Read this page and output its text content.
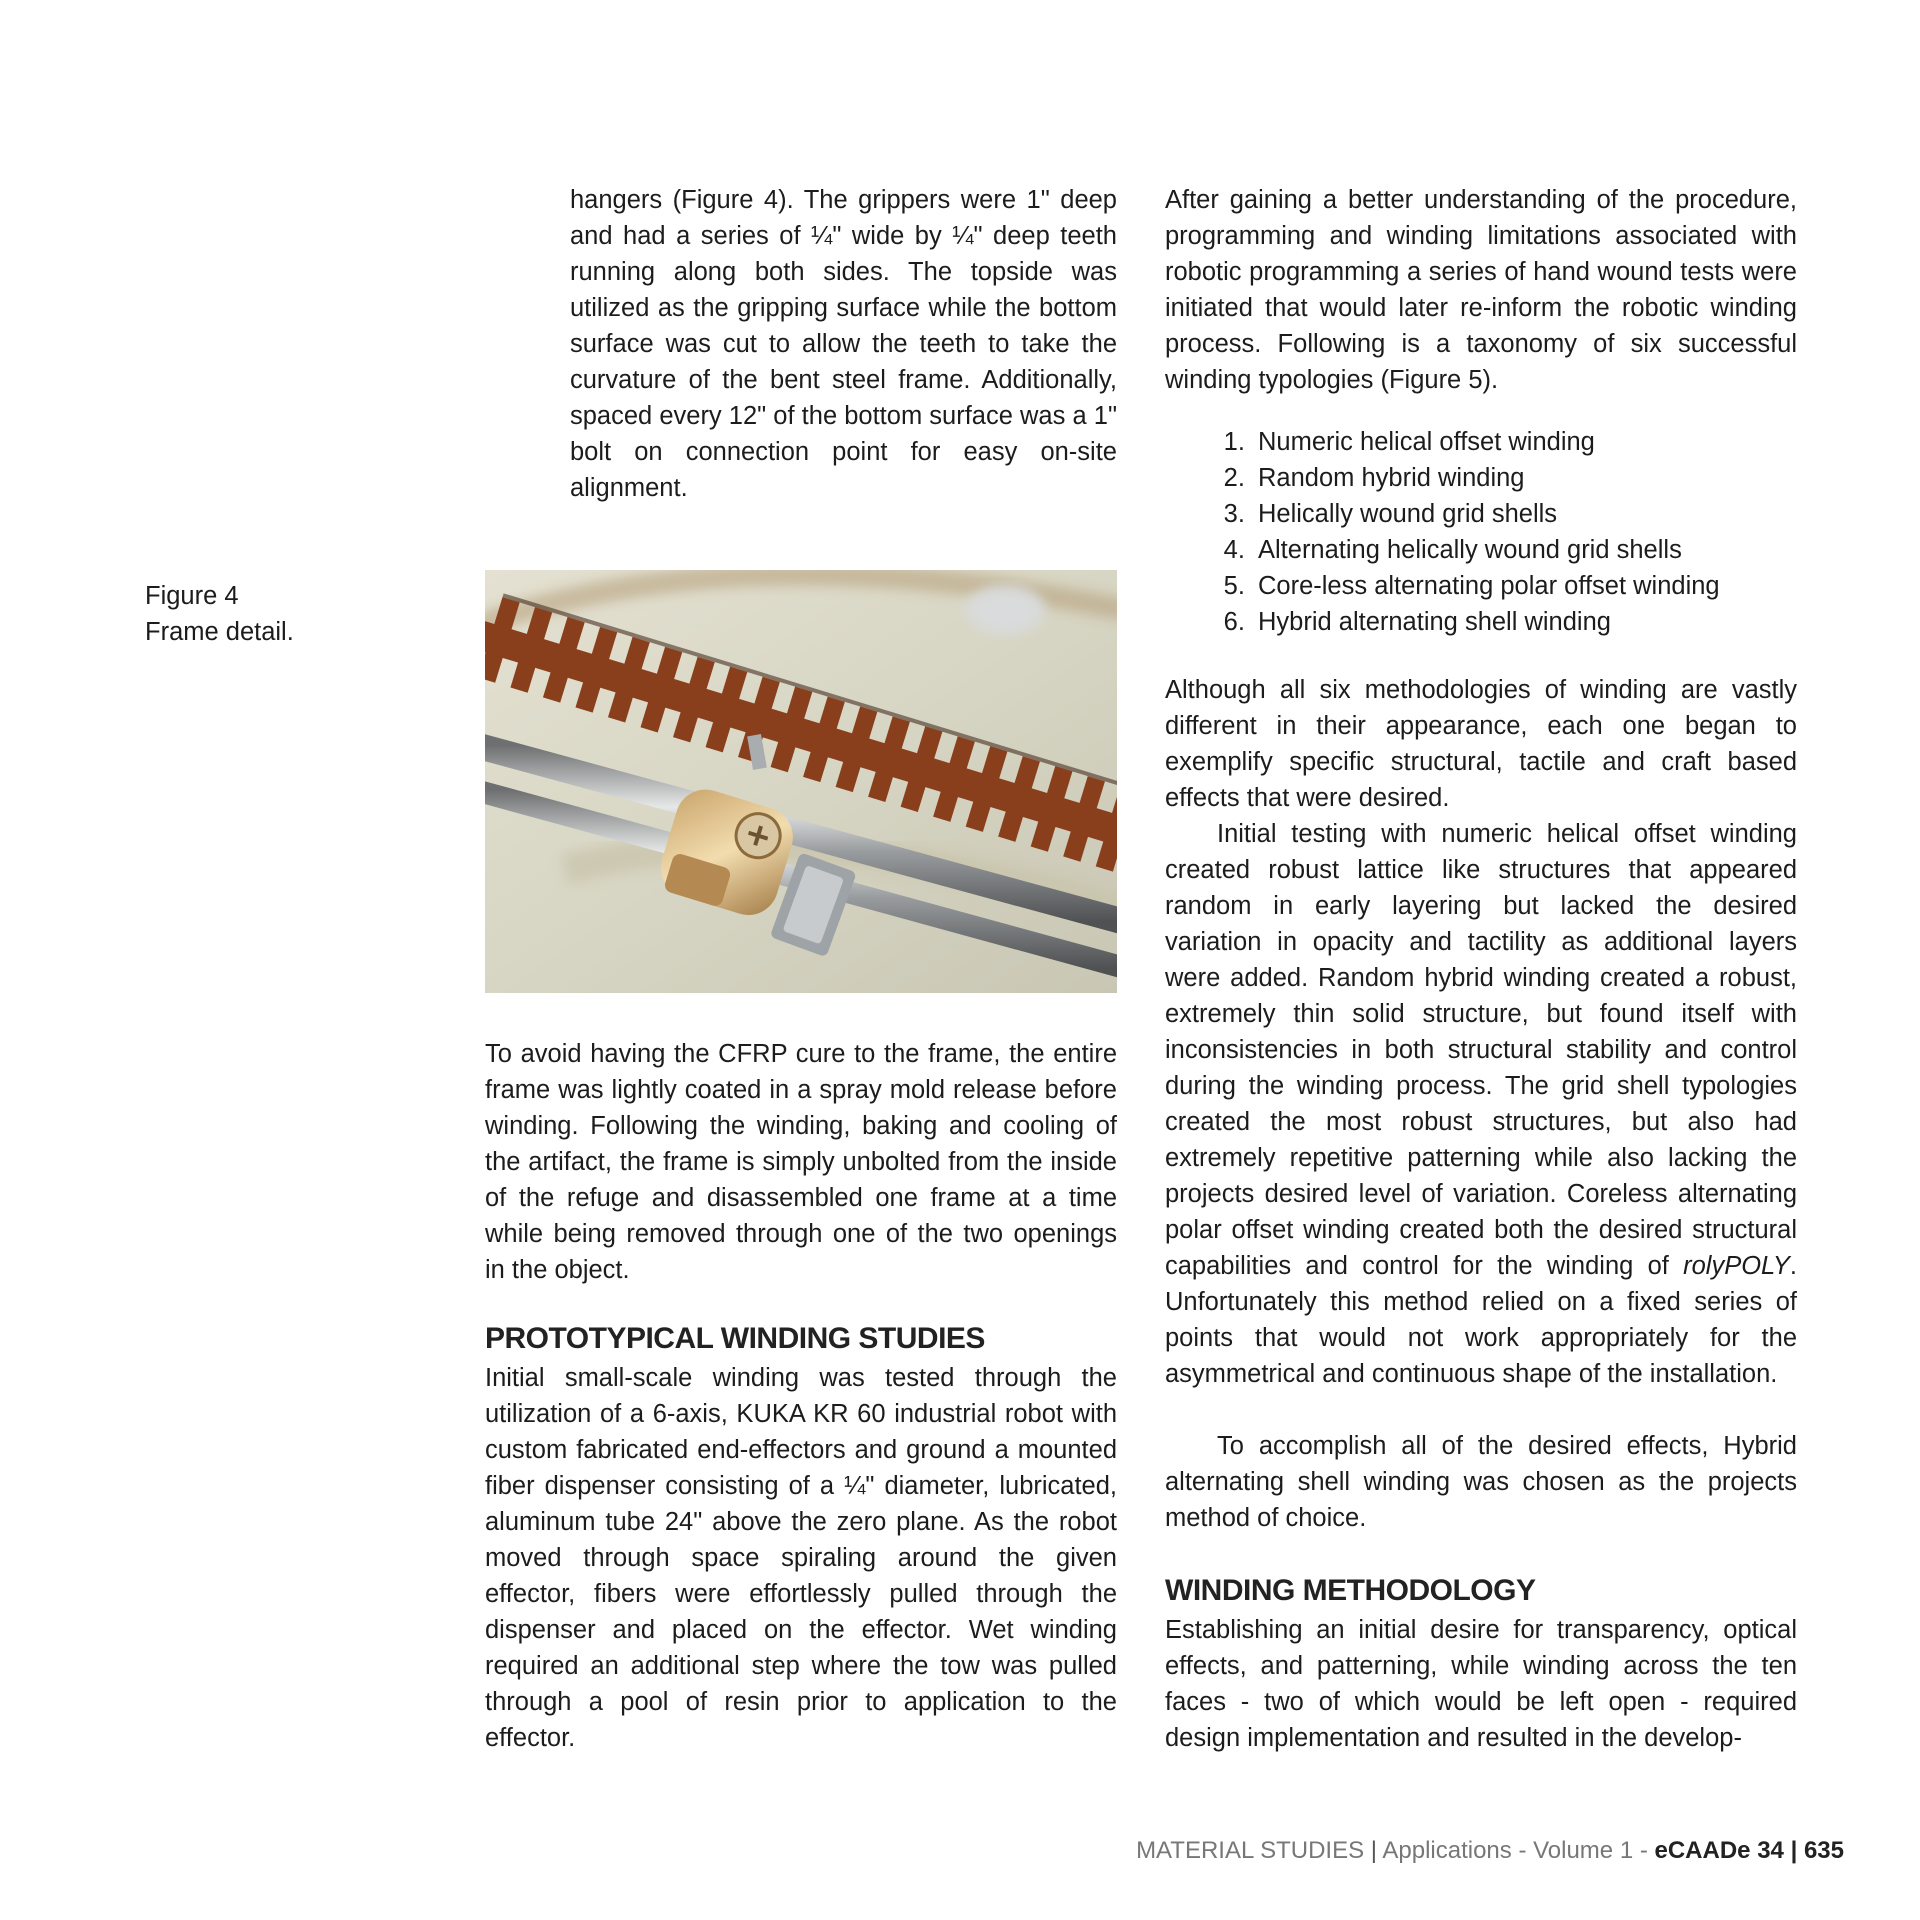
hangers (Figure 4). The grippers were 1" deep and had a series of ¼" wide by ¼" deep teeth running along both sides. The topside was utilized as the gripping surface while the bottom surface was cut to allow the teeth to take the curvature of the bent steel frame. Additionally, spaced every 12" of the bottom surface was a 1" bolt on connection point for easy on-site alignment.

Figure 4
Frame detail.

To avoid having the CFRP cure to the frame, the entire frame was lightly coated in a spray mold release before winding. Following the winding, baking and cooling of the artifact, the frame is simply unbolted from the inside of the refuge and disassembled one frame at a time while being removed through one of the two openings in the object.

PROTOTYPICAL WINDING STUDIES

Initial small-scale winding was tested through the utilization of a 6-axis, KUKA KR 60 industrial robot with custom fabricated end-effectors and ground a mounted fiber dispenser consisting of a ¼" diameter, lubricated, aluminum tube 24" above the zero plane. As the robot moved through space spiraling around the given effector, fibers were effortlessly pulled through the dispenser and placed on the effector. Wet winding required an additional step where the tow was pulled through a pool of resin prior to application to the effector.

After gaining a better understanding of the procedure, programming and winding limitations associated with robotic programming a series of hand wound tests were initiated that would later re-inform the robotic winding process. Following is a taxonomy of six successful winding typologies (Figure 5).

1. Numeric helical offset winding
2. Random hybrid winding
3. Helically wound grid shells
4. Alternating helically wound grid shells
5. Core-less alternating polar offset winding
6. Hybrid alternating shell winding

Although all six methodologies of winding are vastly different in their appearance, each one began to exemplify specific structural, tactile and craft based effects that were desired.

Initial testing with numeric helical offset winding created robust lattice like structures that appeared random in early layering but lacked the desired variation in opacity and tactility as additional layers were added. Random hybrid winding created a robust, extremely thin solid structure, but found itself with inconsistencies in both structural stability and control during the winding process. The grid shell typologies created the most robust structures, but also had extremely repetitive patterning while also lacking the projects desired level of variation. Coreless alternating polar offset winding created both the desired structural capabilities and control for the winding of rolyPOLY. Unfortunately this method relied on a fixed series of points that would not work appropriately for the asymmetrical and continuous shape of the installation.

To accomplish all of the desired effects, Hybrid alternating shell winding was chosen as the projects method of choice.

WINDING METHODOLOGY

Establishing an initial desire for transparency, optical effects, and patterning, while winding across the ten faces - two of which would be left open - required design implementation and resulted in the develop-

MATERIAL STUDIES | Applications - Volume 1 - eCAADe 34 | 635
